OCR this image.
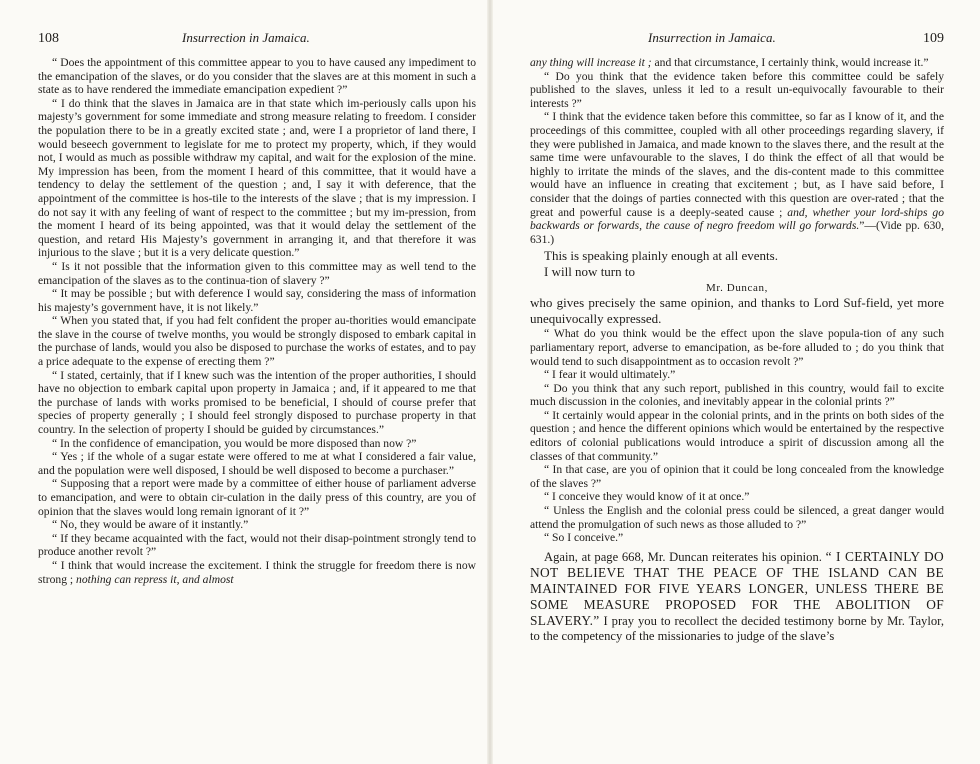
108	Insurrection in Jamaica.

“ Does the appointment of this committee appear to you to have caused any impediment to the emancipation of the slaves, or do you consider that the slaves are at this moment in such a state as to have rendered the immediate emancipation expedient ?”

“ I do think that the slaves in Jamaica are in that state which im-periously calls upon his majesty’s government for some immediate and strong measure relating to freedom. I consider the population there to be in a greatly excited state ; and, were I a proprietor of land there, I would beseech government to legislate for me to protect my property, which, if they would not, I would as much as possible withdraw my capital, and wait for the explosion of the mine. My impression has been, from the moment I heard of this committee, that it would have a tendency to delay the settlement of the question ; and, I say it with deference, that the appointment of the committee is hos-tile to the interests of the slave ; that is my impression. I do not say it with any feeling of want of respect to the committee ; but my im-pression, from the moment I heard of its being appointed, was that it would delay the settlement of the question, and retard His Majesty’s government in arranging it, and that therefore it was injurious to the slave ; but it is a very delicate question.”

“ Is it not possible that the information given to this committee may as well tend to the emancipation of the slaves as to the continua-tion of slavery ?”

“ It may be possible ; but with deference I would say, considering the mass of information his majesty’s government have, it is not likely.”

“ When you stated that, if you had felt confident the proper au-thorities would emancipate the slave in the course of twelve months, you would be strongly disposed to embark capital in the purchase of lands, would you also be disposed to purchase the works of estates, and to pay a price adequate to the expense of erecting them ?”

“ I stated, certainly, that if I knew such was the intention of the proper authorities, I should have no objection to embark capital upon property in Jamaica ; and, if it appeared to me that the purchase of lands with works promised to be beneficial, I should of course prefer that species of property generally ; I should feel strongly disposed to purchase property in that country. In the selection of property I should be guided by circumstances.”

“ In the confidence of emancipation, you would be more disposed than now ?”

“ Yes ; if the whole of a sugar estate were offered to me at what I considered a fair value, and the population were well disposed, I should be well disposed to become a purchaser.”

“ Supposing that a report were made by a committee of either house of parliament adverse to emancipation, and were to obtain cir-culation in the daily press of this country, are you of opinion that the slaves would long remain ignorant of it ?”

“ No, they would be aware of it instantly.”

“ If they became acquainted with the fact, would not their disap-pointment strongly tend to produce another revolt ?”

“ I think that would increase the excitement. I think the struggle for freedom there is now strong ; nothing can repress it, and almost

Insurrection in Jamaica.	109

any thing will increase it ; and that circumstance, I certainly think, would increase it.”

“ Do you think that the evidence taken before this committee could be safely published to the slaves, unless it led to a result un-equivocally favourable to their interests ?”

“ I think that the evidence taken before this committee, so far as I know of it, and the proceedings of this committee, coupled with all other proceedings regarding slavery, if they were published in Jamaica, and made known to the slaves there, and the result at the same time were unfavourable to the slaves, I do think the effect of all that would be highly to irritate the minds of the slaves, and the dis-content made to this committee would have an influence in creating that excitement ; but, as I have said before, I consider that the doings of parties connected with this question are over-rated ; that the great and powerful cause is a deeply-seated cause ; and, whether your lord-ships go backwards or forwards, the cause of negro freedom will go forwards.”—(Vide pp. 630, 631.)

This is speaking plainly enough at all events.

I will now turn to

Mr. Duncan,

who gives precisely the same opinion, and thanks to Lord Suf-field, yet more unequivocally expressed.

“ What do you think would be the effect upon the slave popula-tion of any such parliamentary report, adverse to emancipation, as be-fore alluded to ; do you think that would tend to such disappointment as to occasion revolt ?”

“ I fear it would ultimately.”

“ Do you think that any such report, published in this country, would fail to excite much discussion in the colonies, and inevitably appear in the colonial prints ?”

“ It certainly would appear in the colonial prints, and in the prints on both sides of the question ; and hence the different opinions which would be entertained by the respective editors of colonial publications would introduce a spirit of discussion among all the classes of that community.”

“ In that case, are you of opinion that it could be long concealed from the knowledge of the slaves ?”

“ I conceive they would know of it at once.”

“ Unless the English and the colonial press could be silenced, a great danger would attend the promulgation of such news as those alluded to ?”

“ So I conceive.”

Again, at page 668, Mr. Duncan reiterates his opinion. “ I CERTAINLY DO NOT BELIEVE THAT THE PEACE OF THE ISLAND CAN BE MAINTAINED FOR FIVE YEARS LONGER, UNLESS THERE BE SOME MEASURE PROPOSED FOR THE ABOLITION OF SLAVERY.” I pray you to recollect the decided testimony borne by Mr. Taylor, to the competency of the missionaries to judge of the slave’s
